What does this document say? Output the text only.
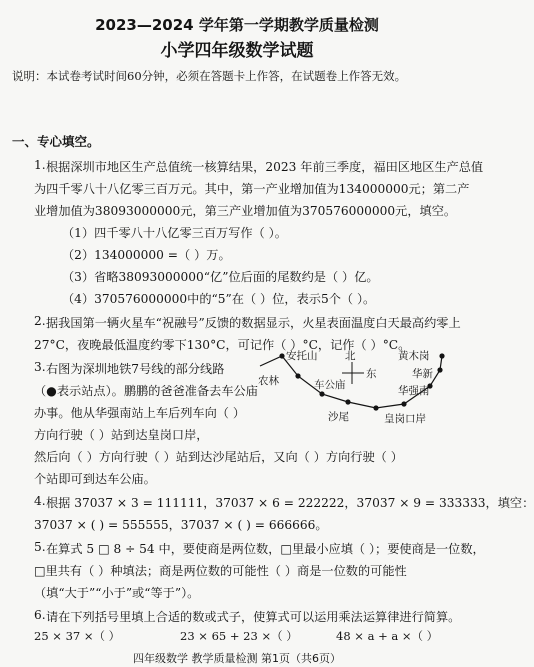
2023—2024 学年第一学期教学质量检测
小学四年级数学试题
说明：本试卷考试时间60分钟，必须在答题卡上作答，在试题卷上作答无效。
一、专心填空。
1. 根据深圳市地区生产总值统一核算结果，2023 年前三季度，福田区地区生产总值
为四千零八十八亿零三百万元。其中，第一产业增加值为134000000元；第二产
业增加值为38093000000元，第三产业增加值为370576000000元，填空。
（1）四千零八十八亿零三百万写作（ ）。
（2）134000000 =（ ）万。
（3）省略38093000000“亿”位后面的尾数约是（ ）亿。
（4）370576000000中的“5”在（ ）位，表示5个（ ）。
2. 据我国第一辆火星车“祝融号”反馈的数据显示，火星表面温度白天最高约零上
27°C，夜晚最低温度约零下130°C，可记作（ ）°C，记作（ ）°C。
3. 右图为深圳地铁7号线的部分线路
（●表示站点）。鹏鹏的爸爸准备去车公庙
办事。他从华强南站上车后列车向（ ）
方向行驶（ ）站到达皇岗口岸，
然后向（ ）方向行驶（ ）站到达沙尾站后，又向（ ）方向行驶（ ）
个站即可到达车公庙。
北
东
安托山
农林	车公庙
沙尾	皇岗口岸
黄木岗
华新
华强南
4. 根据 37037 × 3 = 111111，37037 × 6 = 222222，37037 × 9 = 333333，填空：
37037 × ( ) = 555555，37037 × ( ) = 666666。
5. 在算式 5 □ 8 ÷ 54 中，要使商是两位数，□里最小应填（ ）；要使商是一位数，
□里共有（ ）种填法；商是两位数的可能性（ ）商是一位数的可能性
（填“大于”“小于”或“等于”）。
6. 请在下列括号里填上合适的数或式子，使算式可以运用乘法运算律进行简算。
25 × 37 ×（ ）	23 × 65 + 23 ×（ ）	48 × a + a ×（ ）
四年级数学 教学质量检测 第1页（共6页）
